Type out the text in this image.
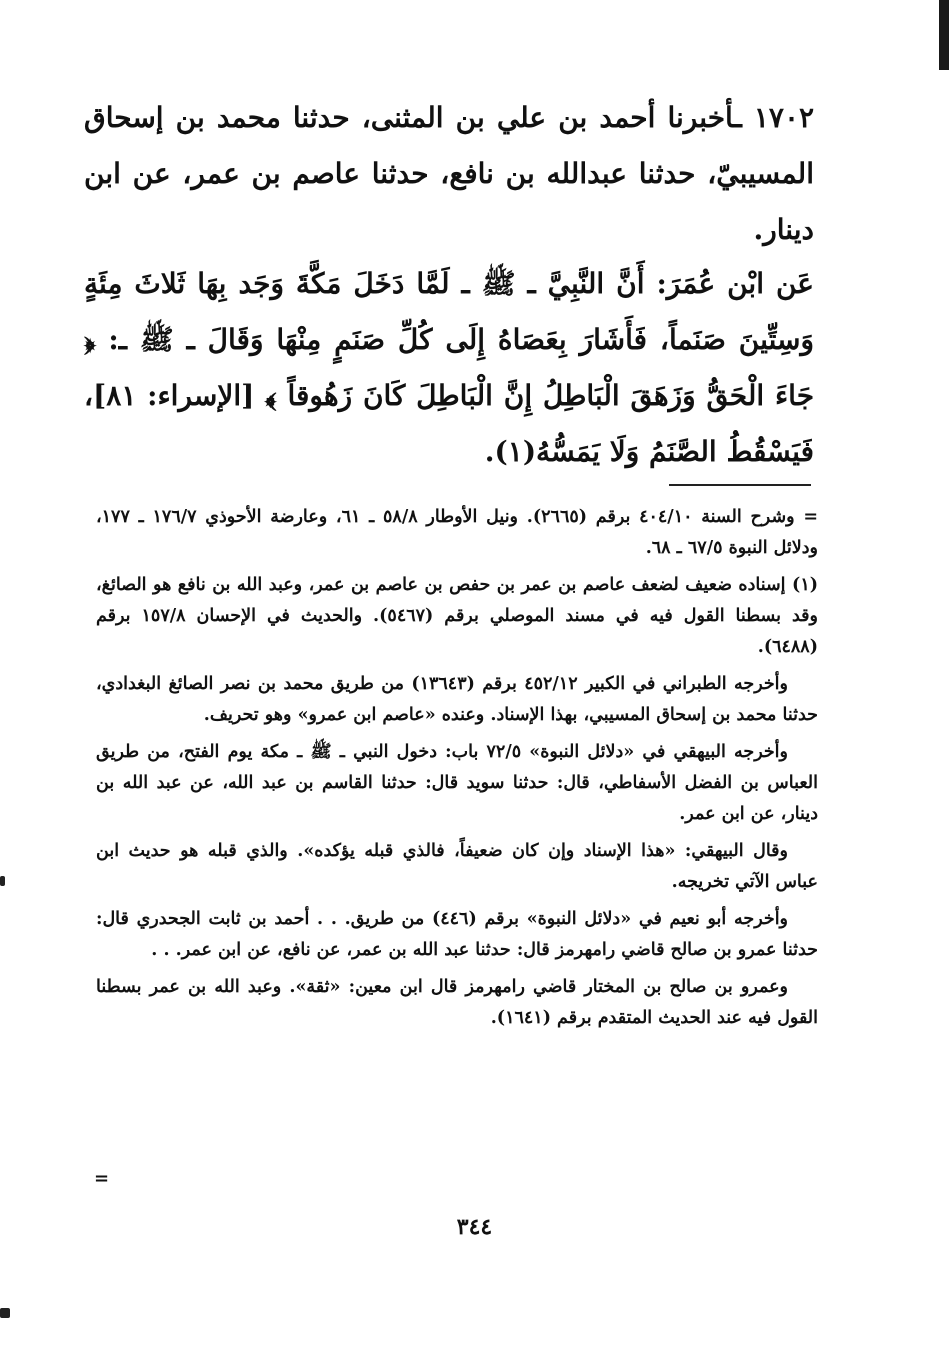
١٧٠٢ ـأخبرنا أحمد بن علي بن المثنى، حدثنا محمد بن إسحاق المسيبيّ، حدثنا عبدالله بن نافع، حدثنا عاصم بن عمر، عن ابن دينار.
عَن ابْن عُمَرَ: أَنَّ النَّبِيَّ ـ ﷺ ـ لَمَّا دَخَلَ مَكَّةَ وَجَد بِهَا ثَلاثَ مِئَةٍ وَسِتِّينَ صَنَماً، فَأَشَارَ بِعَصَاهُ إِلَى كُلِّ صَنَمٍ مِنْهَا وَقَالَ ـ ﷺ ـ: ﴿ جَاءَ الْحَقُّ وَزَهَقَ الْبَاطِلُ إِنَّ الْبَاطِلَ كَانَ زَهُوقاً ﴾ [الإسراء: ٨١]، فَيَسْقُطُ الصَّنَمُ وَلَا يَمَسُّهُ(١).

= وشرح السنة ٤٠٤/١٠ برقم (٢٦٦٥). ونيل الأوطار ٥٨/٨ ـ ٦١، وعارضة الأحوذي ١٧٦/٧ ـ ١٧٧، ودلائل النبوة ٦٧/٥ ـ ٦٨.

(١) إسناده ضعيف لضعف عاصم بن عمر بن حفص بن عاصم بن عمر، وعبد الله بن نافع هو الصائغ، وقد بسطنا القول فيه في مسند الموصلي برقم (٥٤٦٧). والحديث في الإحسان ١٥٧/٨ برقم (٦٤٨٨).

وأخرجه الطبراني في الكبير ٤٥٢/١٢ برقم (١٣٦٤٣) من طريق محمد بن نصر الصائغ البغدادي، حدثنا محمد بن إسحاق المسيبي، بهذا الإسناد. وعنده «عاصم ابن عمرو» وهو تحريف.

وأخرجه البيهقي في «دلائل النبوة» ٧٢/٥ باب: دخول النبي ـ ﷺ ـ مكة يوم الفتح، من طريق العباس بن الفضل الأسفاطي، قال: حدثنا سويد قال: حدثنا القاسم بن عبد الله، عن عبد الله بن دينار، عن ابن عمر.

وقال البيهقي: «هذا الإسناد وإن كان ضعيفاً، فالذي قبله يؤكده». والذي قبله هو حديث ابن عباس الآتي تخريجه.

وأخرجه أبو نعيم في «دلائل النبوة» برقم (٤٤٦) من طريق. . . أحمد بن ثابت الجحدري قال: حدثنا عمرو بن صالح قاضي رامهرمز قال: حدثنا عبد الله بن عمر، عن نافع، عن ابن عمر. . .

وعمرو بن صالح بن المختار قاضي رامهرمز قال ابن معين: «ثقة». وعبد الله بن عمر بسطنا القول فيه عند الحديث المتقدم برقم (١٦٤١).

=
٣٤٤
